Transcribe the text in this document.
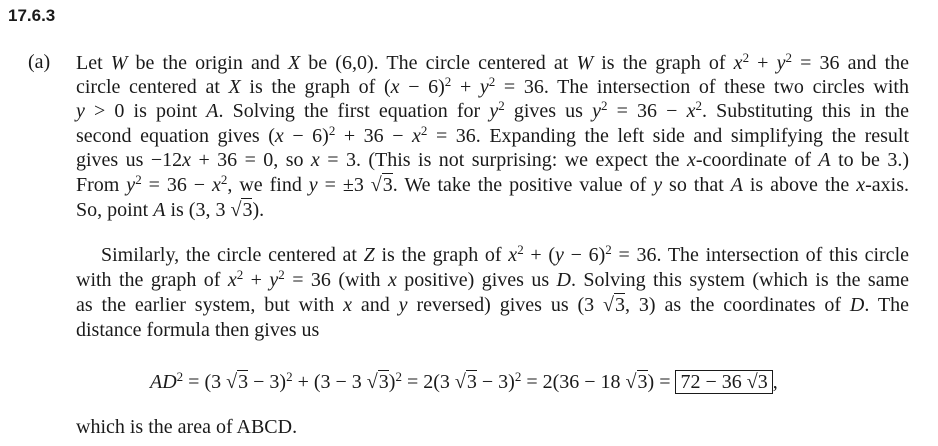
17.6.3
(a) Let W be the origin and X be (6,0). The circle centered at W is the graph of $x^2 + y^2 = 36$ and the
circle centered at X is the graph of $(x - 6)^2 + y^2 = 36$. The intersection of these two circles with
y > 0 is point A. Solving the first equation for $y^2$ gives us $y^2 = 36 - x^2$. Substituting this in the
second equation gives $(x - 6)^2 + 36 - x^2 = 36$. Expanding the left side and simplifying the result
gives us −12x + 36 = 0, so x = 3. (This is not surprising: we expect the x-coordinate of A to be 3.)
From $y^2 = 36 - x^2$, we find y = ±3 √3. We take the positive value of y so that A is above the x-axis.
So, point A is (3, 3 √3).
Similarly, the circle centered at Z is the graph of $x^2 + (y - 6)^2 = 36$. The intersection of this circle
with the graph of $x^2 + y^2 = 36$ (with x positive) gives us D. Solving this system (which is the same
as the earlier system, but with x and y reversed) gives us (3 √3, 3) as the coordinates of D. The
distance formula then gives us
$AD^2 = (3$ √3 − 3)$^2$ + (3 − 3 √3)$^2$ = 2(3 √3 − 3)$^2$ = 2(36 − 18 √3) = 72 − 36 √3 ,
which is the area of ABCD.
